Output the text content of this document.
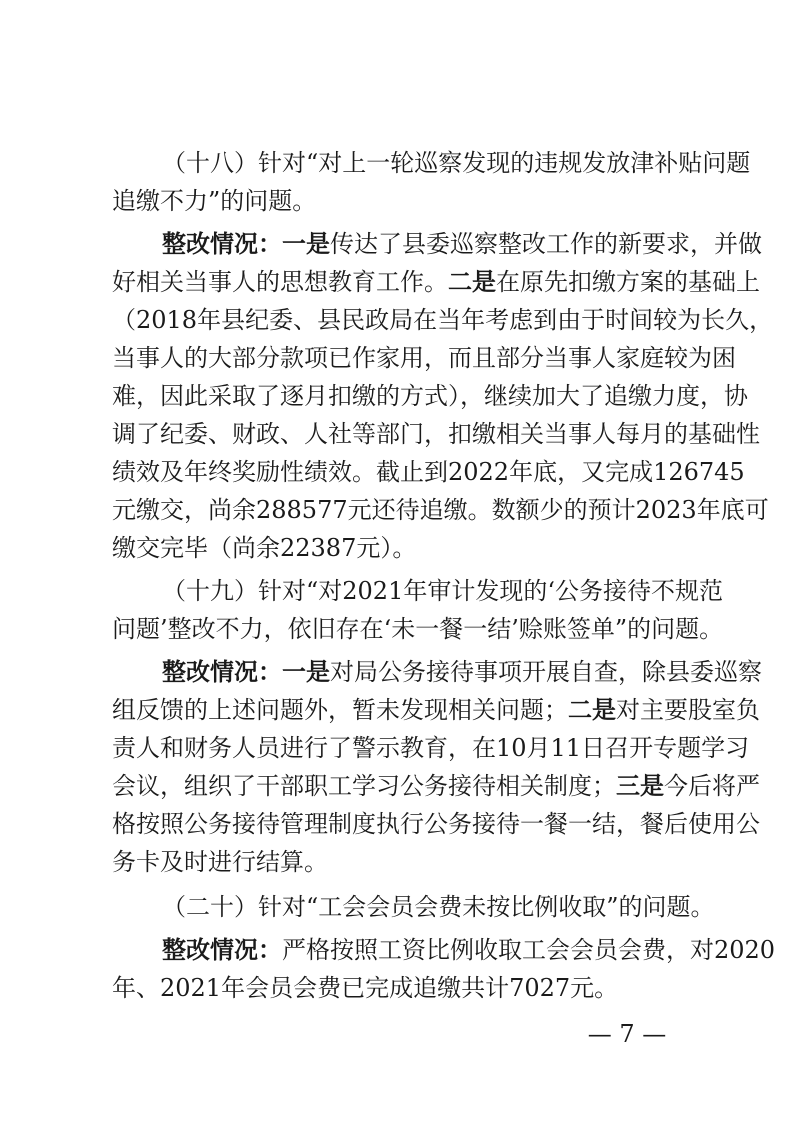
— 7 —
（十八）针对“对上一轮巡察发现的违规发放津补贴问题
追缴不力”的问题。
整改情况：一是传达了县委巡察整改工作的新要求，并做
好相关当事人的思想教育工作。二是在原先扣缴方案的基础上
（2018年县纪委、县民政局在当年考虑到由于时间较为长久，
当事人的大部分款项已作家用，而且部分当事人家庭较为困
难，因此采取了逐月扣缴的方式），继续加大了追缴力度，协
调了纪委、财政、人社等部门，扣缴相关当事人每月的基础性
绩效及年终奖励性绩效。截止到2022年底，又完成126745
元缴交，尚余288577元还待追缴。数额少的预计2023年底可
缴交完毕（尚余22387元）。
（十九）针对“对2021年审计发现的‘公务接待不规范
问题’整改不力，依旧存在‘未一餐一结’赊账签单”的问题。
整改情况：一是对局公务接待事项开展自查，除县委巡察
组反馈的上述问题外，暂未发现相关问题；二是对主要股室负
责人和财务人员进行了警示教育，在10月11日召开专题学习
会议，组织了干部职工学习公务接待相关制度；三是今后将严
格按照公务接待管理制度执行公务接待一餐一结，餐后使用公
务卡及时进行结算。
（二十）针对“工会会员会费未按比例收取”的问题。
整改情况：严格按照工资比例收取工会会员会费，对2020
年、2021年会员会费已完成追缴共计7027元。
